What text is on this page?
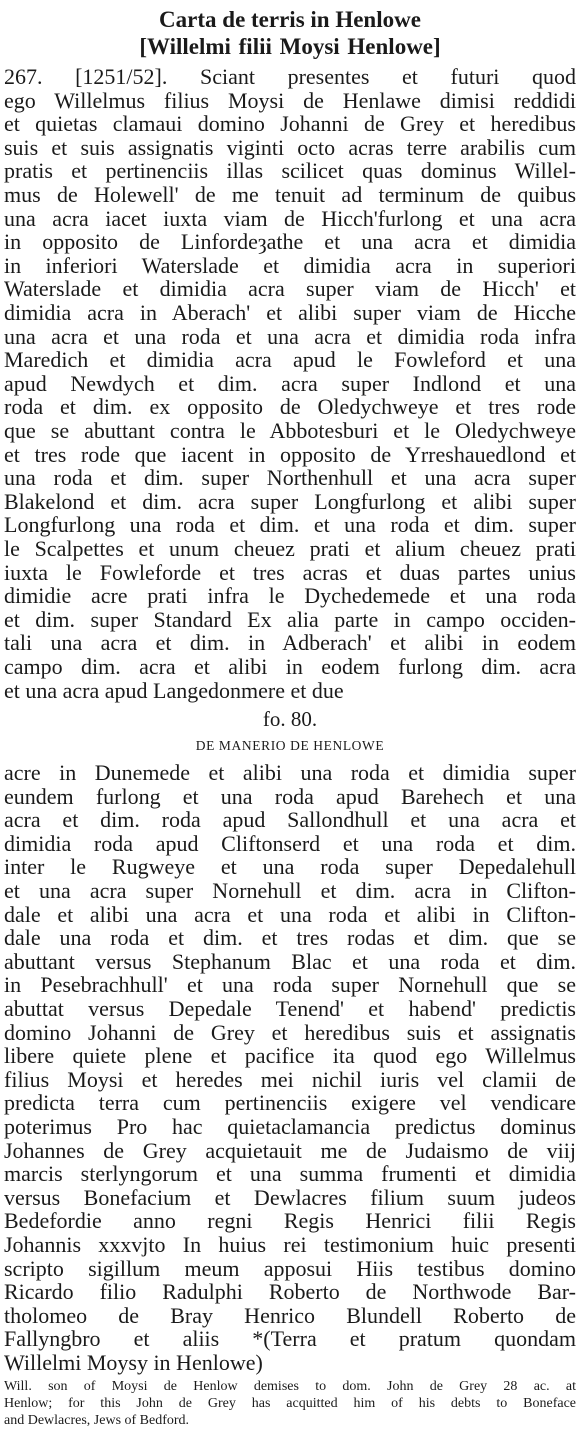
Carta de terris in Henlowe
[Willelmi filii Moysi Henlowe]
267. [1251/52]. Sciant presentes et futuri quod
ego Willelmus filius Moysi de Henlawe dimisi reddidi
et quietas clamaui domino Johanni de Grey et heredibus
suis et suis assignatis viginti octo acras terre arabilis cum
pratis et pertinenciis illas scilicet quas dominus Willel-
mus de Holewell' de me tenuit ad terminum de quibus
una acra iacet iuxta viam de Hicch'furlong et una acra
in opposito de Linfordeȝathe et una acra et dimidia
in inferiori Waterslade et dimidia acra in superiori
Waterslade et dimidia acra super viam de Hicch' et
dimidia acra in Aberach' et alibi super viam de Hicche
una acra et una roda et una acra et dimidia roda infra
Maredich et dimidia acra apud le Fowleford et una
apud Newdych et dim. acra super Indlond et una
roda et dim. ex opposito de Oledychweye et tres rode
que se abuttant contra le Abbotesburi et le Oledychweye
et tres rode que iacent in opposito de Yrreshauedlond et
una roda et dim. super Northenhull et una acra super
Blakelond et dim. acra super Longfurlong et alibi super
Longfurlong una roda et dim. et una roda et dim. super
le Scalpettes et unum cheuez prati et alium cheuez prati
iuxta le Fowleforde et tres acras et duas partes unius
dimidie acre prati infra le Dychedemede et una roda
et dim. super Standard Ex alia parte in campo occiden-
tali una acra et dim. in Adberach' et alibi in eodem
campo dim. acra et alibi in eodem furlong dim. acra
et una acra apud Langedonmere et due
fo. 80.
DE MANERIO DE HENLOWE
acre in Dunemede et alibi una roda et dimidia super
eundem furlong et una roda apud Barehech et una
acra et dim. roda apud Sallondhull et una acra et
dimidia roda apud Cliftonserd et una roda et dim.
inter le Rugweye et una roda super Depedalehull
et una acra super Nornehull et dim. acra in Clifton-
dale et alibi una acra et una roda et alibi in Clifton-
dale una roda et dim. et tres rodas et dim. que se
abuttant versus Stephanum Blac et una roda et dim.
in Pesebrachhull' et una roda super Nornehull que se
abuttat versus Depedale Tenend' et habend' predictis
domino Johanni de Grey et heredibus suis et assignatis
libere quiete plene et pacifice ita quod ego Willelmus
filius Moysi et heredes mei nichil iuris vel clamii de
predicta terra cum pertinenciis exigere vel vendicare
poterimus Pro hac quietaclamancia predictus dominus
Johannes de Grey acquietauit me de Judaismo de viij
marcis sterlyngorum et una summa frumenti et dimidia
versus Bonefacium et Dewlacres filium suum judeos
Bedefordie anno regni Regis Henrici filii Regis
Johannis xxxvjto In huius rei testimonium huic presenti
scripto sigillum meum apposui Hiis testibus domino
Ricardo filio Radulphi Roberto de Northwode Bar-
tholomeo de Bray Henrico Blundell Roberto de
Fallyngbro et aliis *(Terra et pratum quondam
Willelmi Moysy in Henlowe)
Will. son of Moysi de Henlow demises to dom. John de Grey 28 ac. at
Henlow; for this John de Grey has acquitted him of his debts to Boneface
and Dewlacres, Jews of Bedford.
